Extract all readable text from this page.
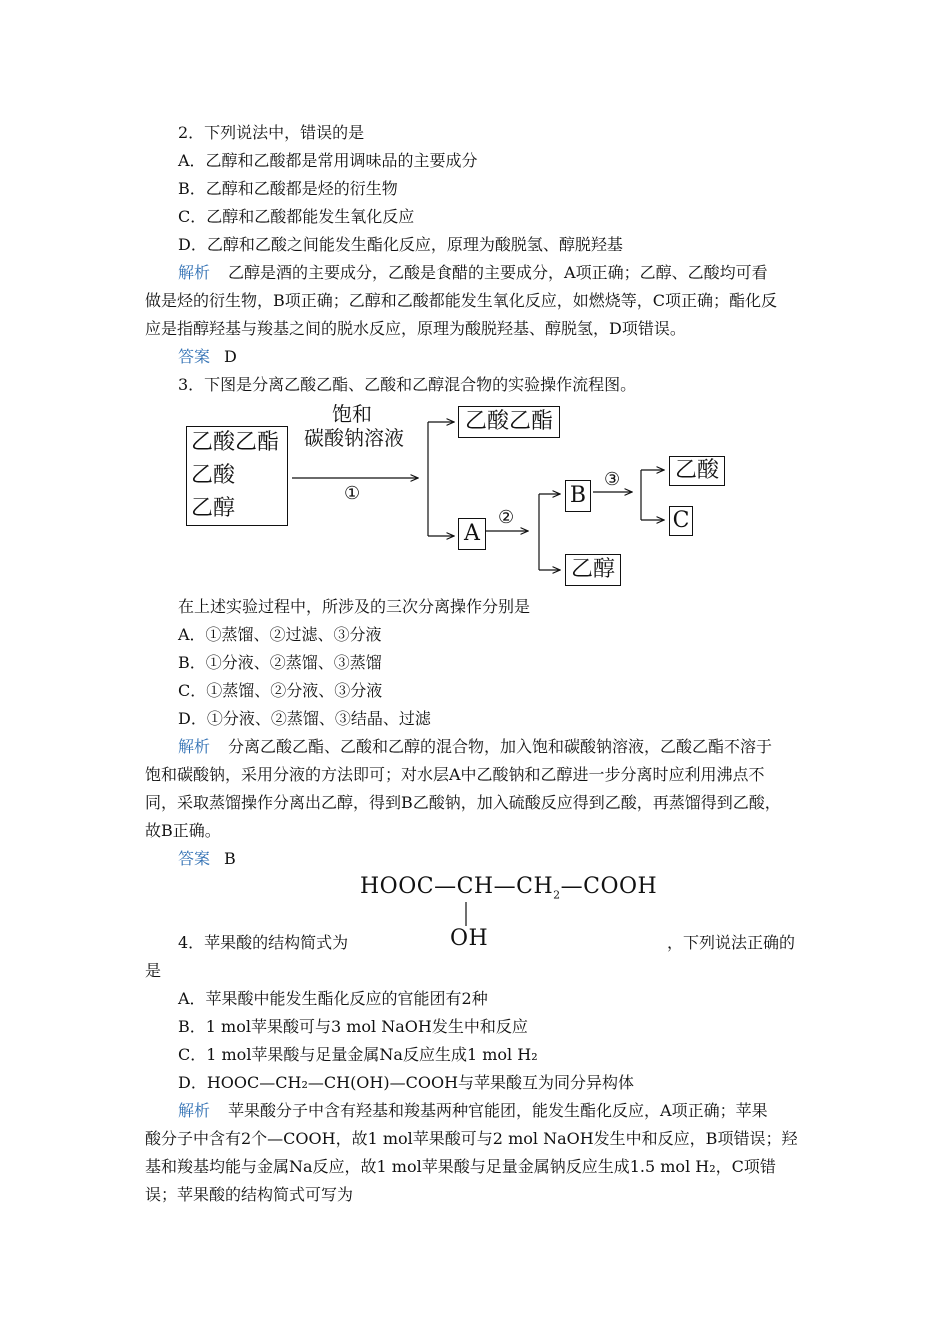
2．下列说法中，错误的是
A．乙醇和乙酸都是常用调味品的主要成分
B．乙醇和乙酸都是烃的衍生物
C．乙醇和乙酸都能发生氧化反应
D．乙醇和乙酸之间能发生酯化反应，原理为酸脱氢、醇脱羟基
解析 乙醇是酒的主要成分，乙酸是食醋的主要成分，A项正确；乙醇、乙酸均可看
做是烃的衍生物，B项正确；乙醇和乙酸都能发生氧化反应，如燃烧等，C项正确；酯化反
应是指醇羟基与羧基之间的脱水反应，原理为酸脱羟基、醇脱氢，D项错误。
答案 D
3．下图是分离乙酸乙酯、乙酸和乙醇混合物的实验操作流程图。
乙酸乙酯
乙酸
乙醇
饱和
碳酸钠溶液
①
乙酸乙酯
A
②
B
乙醇
③ 乙酸
C
在上述实验过程中，所涉及的三次分离操作分别是
A．①蒸馏、②过滤、③分液
B．①分液、②蒸馏、③蒸馏
C．①蒸馏、②分液、③分液
D．①分液、②蒸馏、③结晶、过滤
解析 分离乙酸乙酯、乙酸和乙醇的混合物，加入饱和碳酸钠溶液，乙酸乙酯不溶于
饱和碳酸钠，采用分液的方法即可；对水层A中乙酸钠和乙醇进一步分离时应利用沸点不
同，采取蒸馏操作分离出乙醇，得到B乙酸钠，加入硫酸反应得到乙酸，再蒸馏得到乙酸，
故B正确。
答案 B
$HOOC—CH—CH_2—COOH$
OH
4．苹果酸的结构简式为	，下列说法正确的
是
A．苹果酸中能发生酯化反应的官能团有2种
B．1 mol苹果酸可与3 mol NaOH发生中和反应
C．1 mol苹果酸与足量金属Na反应生成1 mol H₂
D．HOOC—CH₂—CH(OH)—COOH与苹果酸互为同分异构体
解析 苹果酸分子中含有羟基和羧基两种官能团，能发生酯化反应，A项正确；苹果
酸分子中含有2个—COOH，故1 mol苹果酸可与2 mol NaOH发生中和反应，B项错误；羟
基和羧基均能与金属Na反应，故1 mol苹果酸与足量金属钠反应生成1.5 mol H₂，C项错
误；苹果酸的结构简式可写为
